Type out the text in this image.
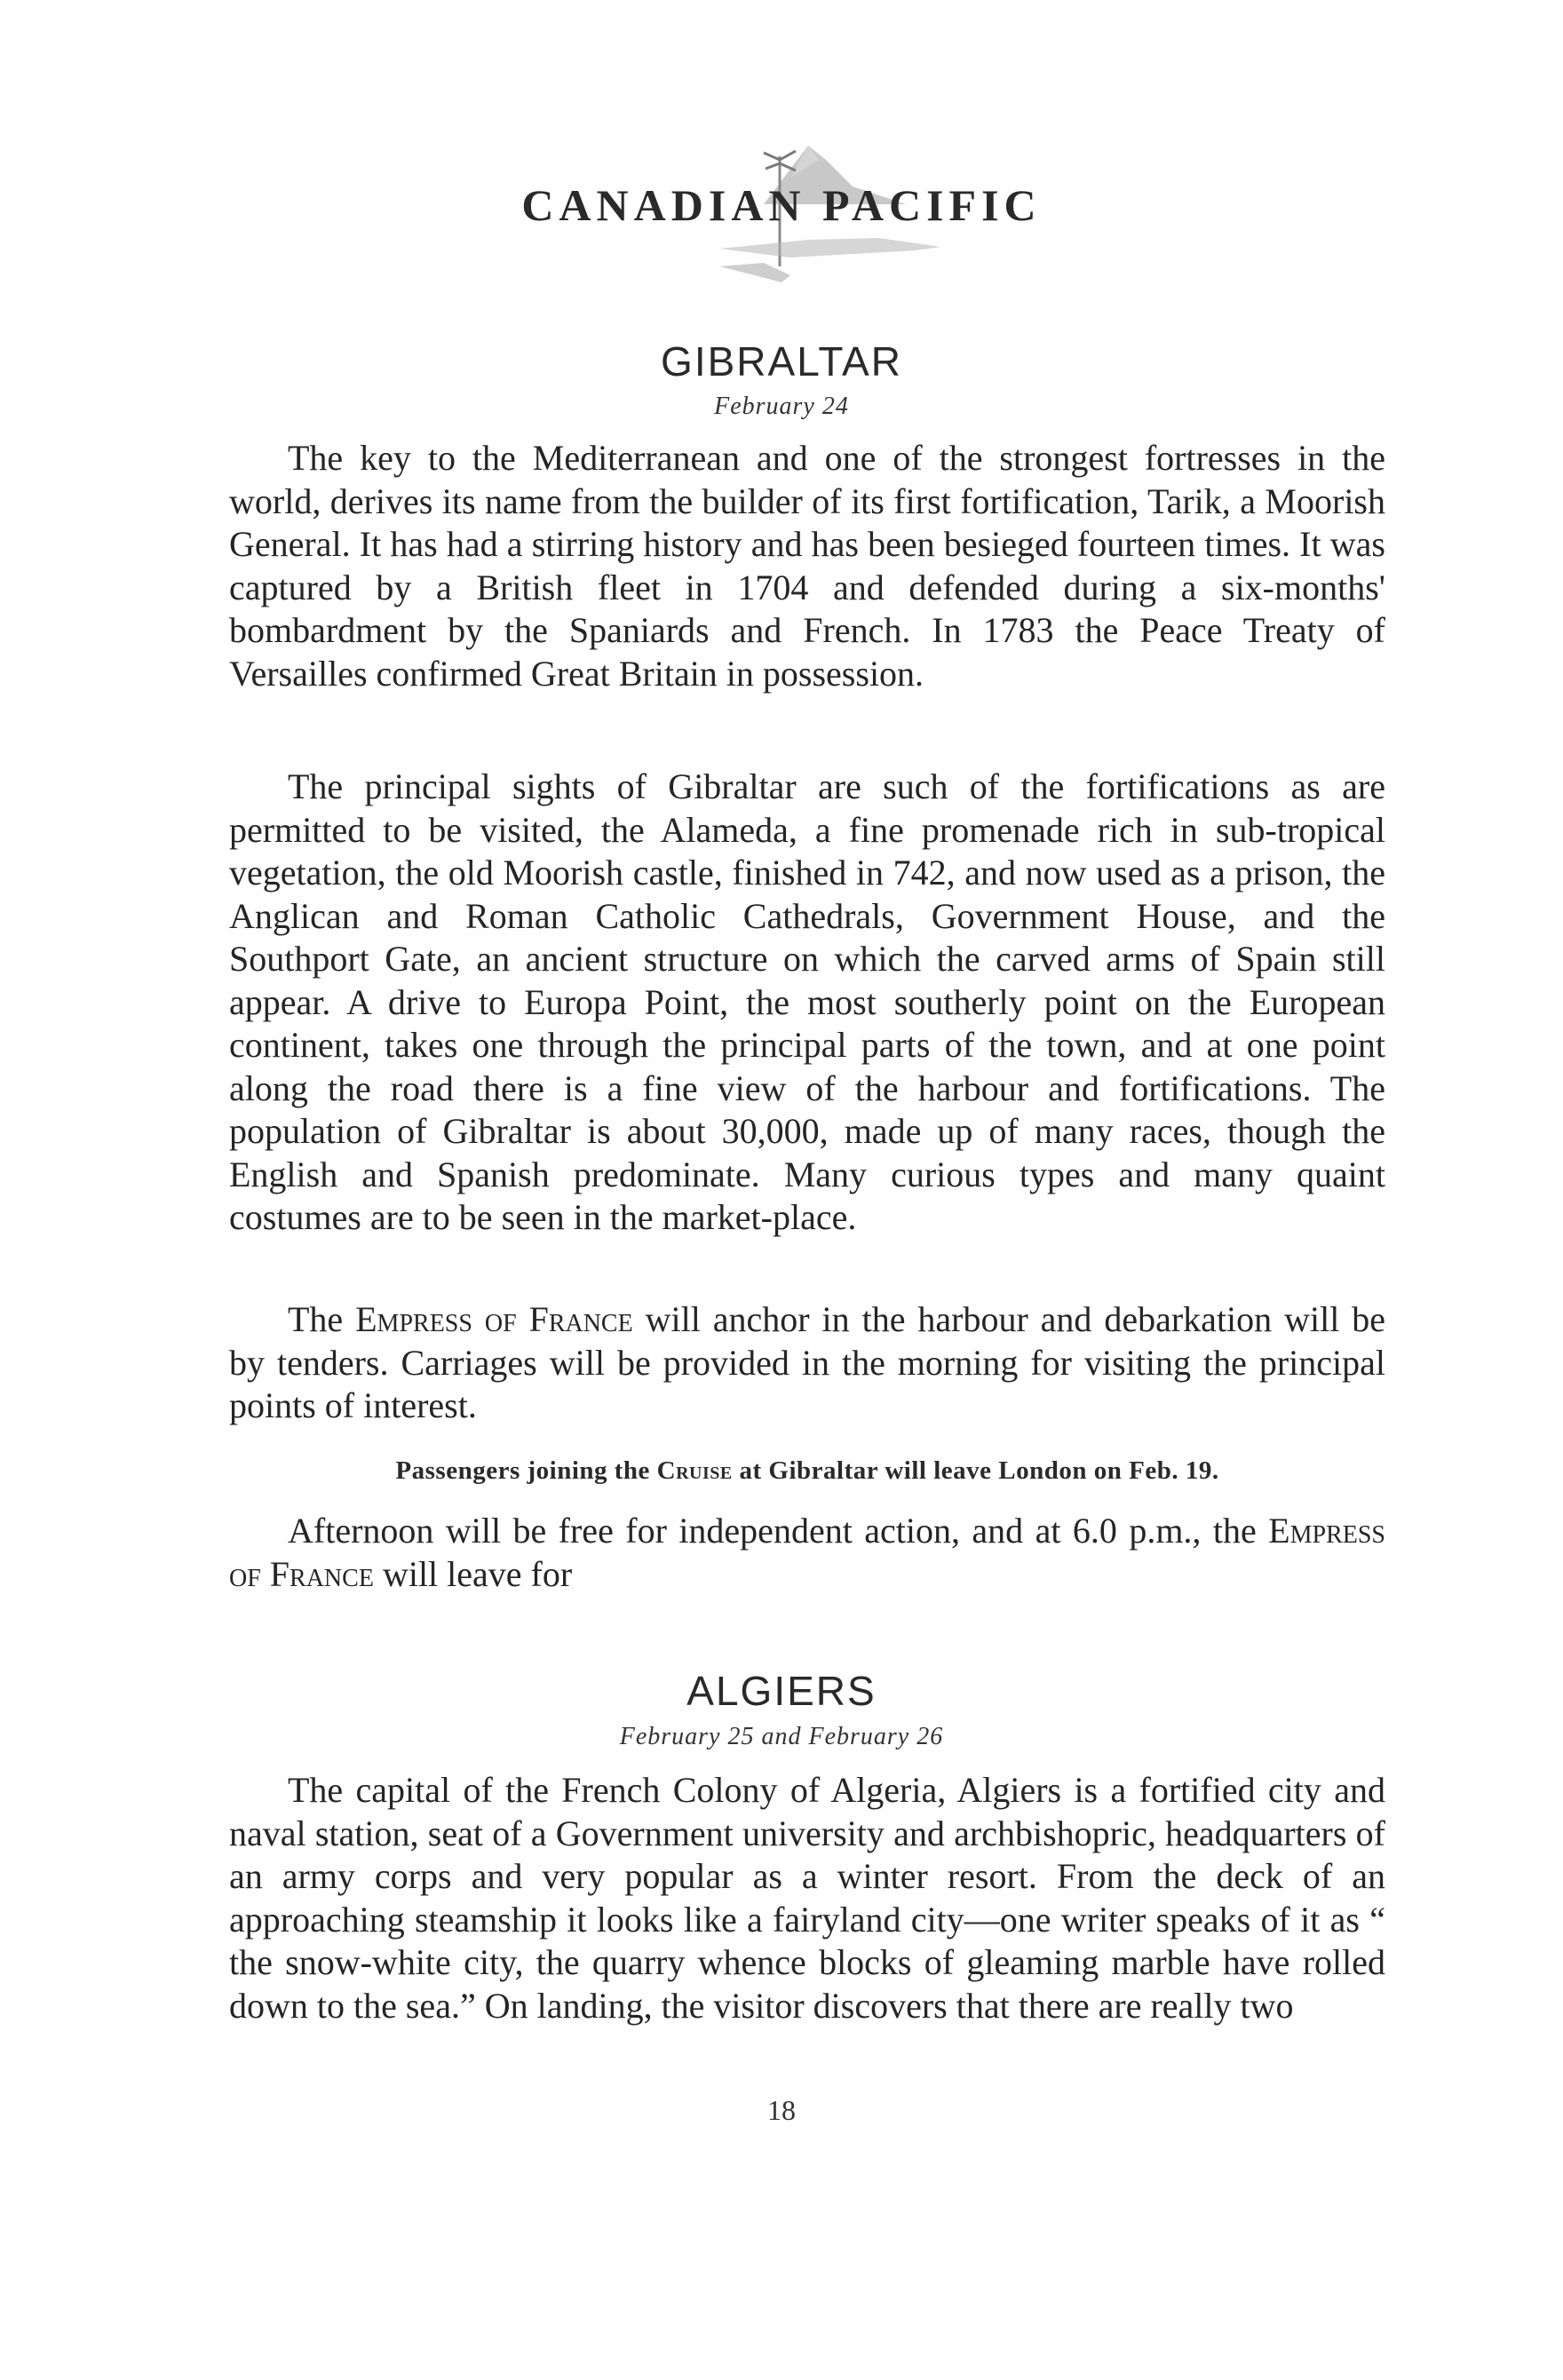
CANADIAN PACIFIC
GIBRALTAR
February 24
The key to the Mediterranean and one of the strongest fortresses in the world, derives its name from the builder of its first fortification, Tarik, a Moorish General. It has had a stirring history and has been besieged fourteen times. It was captured by a British fleet in 1704 and defended during a six-months' bombardment by the Spaniards and French. In 1783 the Peace Treaty of Versailles confirmed Great Britain in possession.
The principal sights of Gibraltar are such of the fortifications as are permitted to be visited, the Alameda, a fine promenade rich in sub-tropical vegetation, the old Moorish castle, finished in 742, and now used as a prison, the Anglican and Roman Catholic Cathedrals, Government House, and the Southport Gate, an ancient structure on which the carved arms of Spain still appear. A drive to Europa Point, the most southerly point on the European continent, takes one through the principal parts of the town, and at one point along the road there is a fine view of the harbour and fortifications. The population of Gibraltar is about 30,000, made up of many races, though the English and Spanish predominate. Many curious types and many quaint costumes are to be seen in the market-place.
The Empress of France will anchor in the harbour and debarkation will be by tenders. Carriages will be provided in the morning for visiting the principal points of interest.
Passengers joining the Cruise at Gibraltar will leave London on Feb. 19.
Afternoon will be free for independent action, and at 6.0 p.m., the Empress of France will leave for
ALGIERS
February 25 and February 26
The capital of the French Colony of Algeria, Algiers is a fortified city and naval station, seat of a Government university and archbishopric, headquarters of an army corps and very popular as a winter resort. From the deck of an approaching steamship it looks like a fairyland city—one writer speaks of it as “ the snow-white city, the quarry whence blocks of gleaming marble have rolled down to the sea.” On landing, the visitor discovers that there are really two
18
